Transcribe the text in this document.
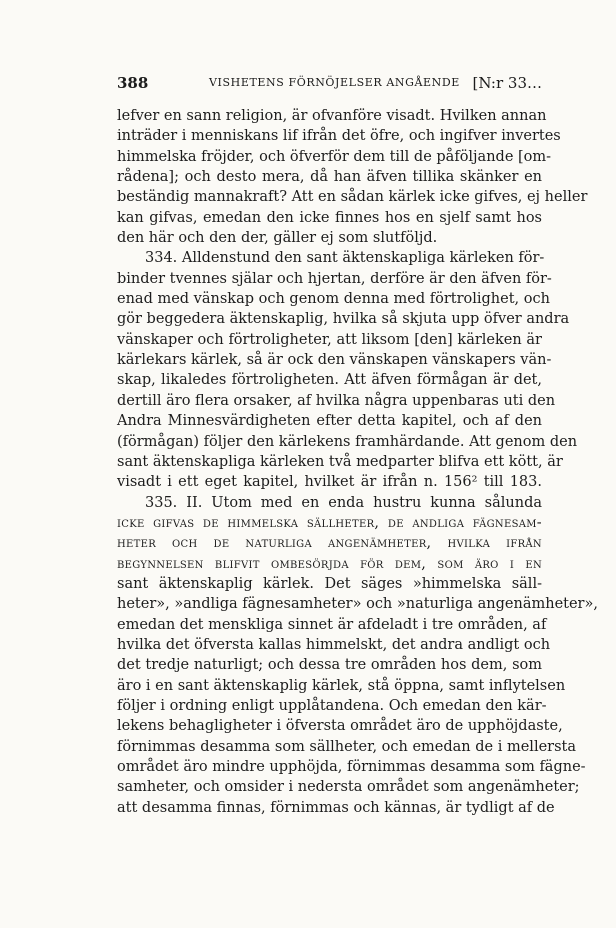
388	VISHETENS FÖRNÖJELSER ANGÅENDE [N:r 33…
lefver en sann religion, är ofvanföre visadt. Hvilken annan
inträder i menniskans lif ifrån det öfre, och ingifver invertes
himmelska fröjder, och öfverför dem till de påföljande [om-
rådena]; och desto mera, då han äfven tillika skänker en
beständig mannakraft? Att en sådan kärlek icke gifves, ej heller
kan gifvas, emedan den icke finnes hos en sjelf samt hos
den här och den der, gäller ej som slutföljd.
334. Alldenstund den sant äktenskapliga kärleken för-
binder tvennes själar och hjertan, derföre är den äfven för-
enad med vänskap och genom denna med förtrolighet, och
gör beggedera äktenskaplig, hvilka så skjuta upp öfver andra
vänskaper och förtroligheter, att liksom [den] kärleken är
kärlekars kärlek, så är ock den vänskapen vänskapers vän-
skap, likaledes förtroligheten. Att äfven förmågan är det,
dertill äro flera orsaker, af hvilka några uppenbaras uti den
Andra Minnesvärdigheten efter detta kapitel, och af den
(förmågan) följer den kärlekens framhärdande. Att genom den
sant äktenskapliga kärleken två medparter blifva ett kött, är
visadt i ett eget kapitel, hvilket är ifrån n. 156² till 183.
335. II. Utom med en enda hustru kunna sålunda
icke gifvas de himmelska sällheter, de andliga fägnesam-
heter och de naturliga angenämheter, hvilka ifrån
begynnelsen blifvit ombesörjda för dem, som äro i en
sant äktenskaplig kärlek. Det säges »himmelska säll-
heter», »andliga fägnesamheter» och »naturliga angenämheter»,
emedan det menskliga sinnet är afdeladt i tre områden, af
hvilka det öfversta kallas himmelskt, det andra andligt och
det tredje naturligt; och dessa tre områden hos dem, som
äro i en sant äktenskaplig kärlek, stå öppna, samt inflytelsen
följer i ordning enligt upplåtandena. Och emedan den kär-
lekens behagligheter i öfversta området äro de upphöjdaste,
förnimmas desamma som sällheter, och emedan de i mellersta
området äro mindre upphöjda, förnimmas desamma som fägne-
samheter, och omsider i nedersta området som angenämheter;
att desamma finnas, förnimmas och kännas, är tydligt af de
